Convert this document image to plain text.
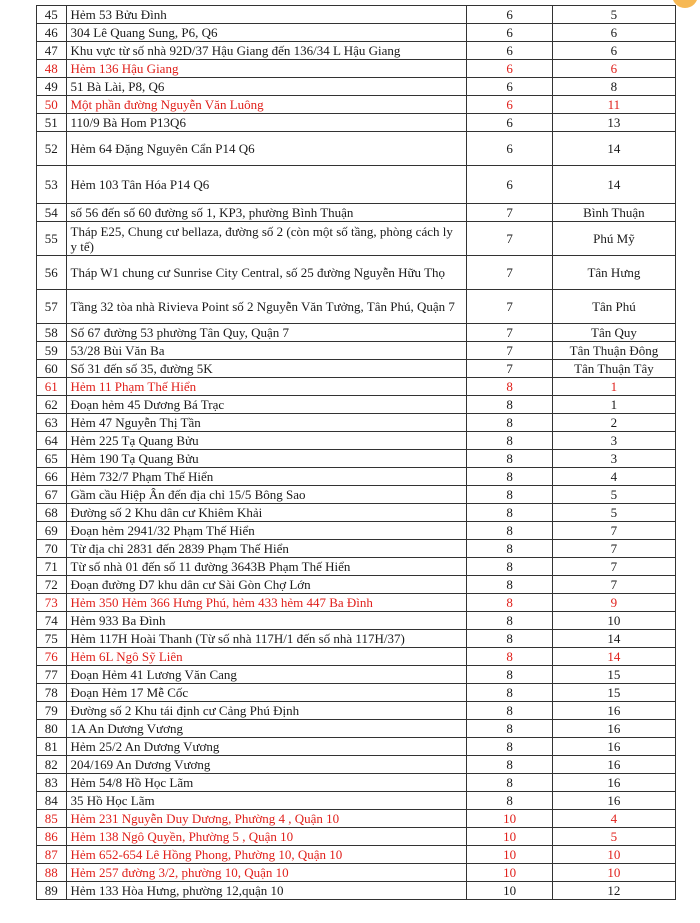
45	Hẻm 53 Bửu Đình	6	5
46	304 Lê Quang Sung, P6, Q6	6	6
47	Khu vực từ số nhà 92D/37 Hậu Giang đến 136/34 L Hậu Giang	6	6
48	Hẻm 136 Hậu Giang	6	6
49	51 Bà Lài, P8, Q6	6	8
50	Một phần đường Nguyễn Văn Luông	6	11
51	110/9 Bà Hom P13Q6	6	13
52	Hẻm 64 Đặng Nguyên Cẩn P14 Q6	6	14
53	Hẻm 103 Tân Hóa P14 Q6	6	14
54	số 56 đến số 60 đường số 1, KP3, phường Bình Thuận	7	Bình Thuận
55	Tháp E25, Chung cư bellaza, đường số 2 (còn một số tầng, phòng cách ly y tế)	7	Phú Mỹ
56	Tháp W1 chung cư Sunrise City Central, số 25 đường Nguyễn Hữu Thọ	7	Tân Hưng
57	Tầng 32 tòa nhà Rivieva Point số 2 Nguyễn Văn Tưởng, Tân Phú, Quận 7	7	Tân Phú
58	Số 67 đường 53 phường Tân Quy, Quận 7	7	Tân Quy
59	53/28 Bùi Văn Ba	7	Tân Thuận Đông
60	Số 31 đến số 35, đường 5K	7	Tân Thuận Tây
61	Hẻm 11 Phạm Thế Hiển	8	1
62	Đoạn hẻm 45 Dương Bá Trạc	8	1
63	Hẻm 47 Nguyễn Thị Tần	8	2
64	Hẻm 225 Tạ Quang Bửu	8	3
65	Hẻm 190 Tạ Quang Bửu	8	3
66	Hẻm 732/7 Phạm Thế Hiển	8	4
67	Gầm cầu Hiệp Ân đến địa chỉ 15/5 Bông Sao	8	5
68	Đường số 2 Khu dân cư Khiêm Khải	8	5
69	Đoạn hẻm 2941/32 Phạm Thế Hiển	8	7
70	Từ địa chỉ 2831 đến 2839 Phạm Thế Hiển	8	7
71	Từ số nhà 01 đến số 11 đường 3643B Phạm Thế Hiển	8	7
72	Đoạn đường D7 khu dân cư Sài Gòn Chợ Lớn	8	7
73	Hẻm 350 Hẻm 366 Hưng Phú, hẻm 433 hẻm 447 Ba Đình	8	9
74	Hẻm 933 Ba Đình	8	10
75	Hẻm 117H Hoài Thanh (Từ số nhà 117H/1 đến số nhà 117H/37)	8	14
76	Hẻm 6L Ngô Sỹ Liên	8	14
77	Đoạn Hẻm 41 Lương Văn Cang	8	15
78	Đoạn Hẻm 17 Mễ Cốc	8	15
79	Đường số 2 Khu tái định cư Cảng Phú Định	8	16
80	1A An Dương Vương	8	16
81	Hẻm 25/2 An Dương Vương	8	16
82	204/169 An Dương Vương	8	16
83	Hẻm 54/8 Hồ Học Lãm	8	16
84	35 Hồ Học Lãm	8	16
85	Hẻm 231 Nguyễn Duy Dương, Phường 4 , Quận 10	10	4
86	Hẻm 138 Ngô Quyền, Phường 5 , Quận 10	10	5
87	Hẻm 652-654 Lê Hồng Phong, Phường 10, Quận 10	10	10
88	Hẻm 257 đường 3/2, phường 10, Quận 10	10	10
89	Hẻm 133 Hòa Hưng, phường 12,quận 10	10	12
